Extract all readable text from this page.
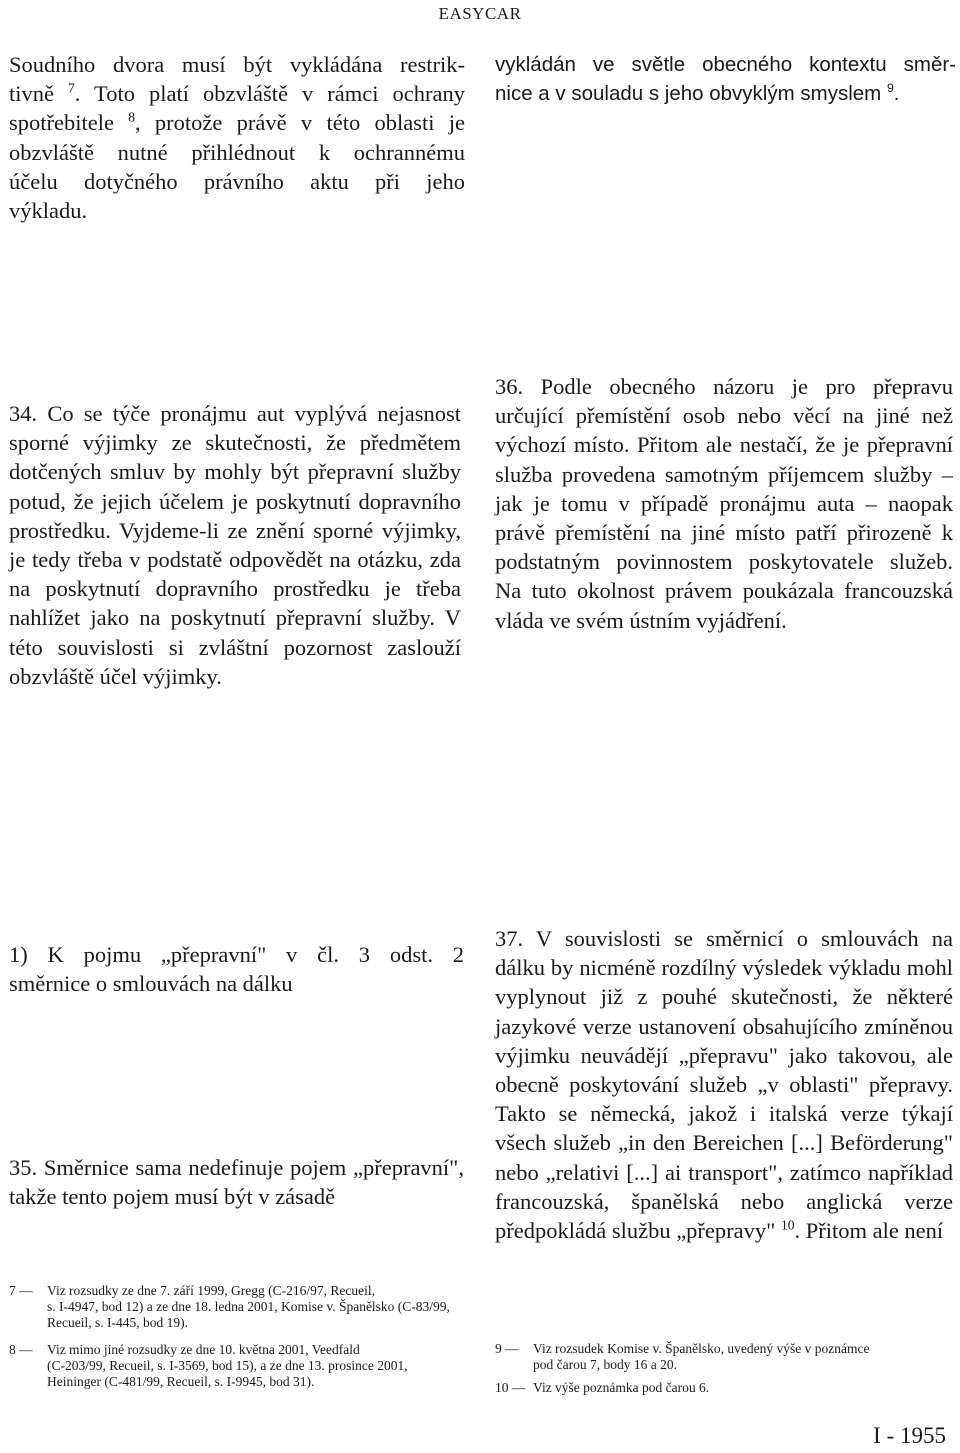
EASYCAR

Soudního dvora musí být vykládána restrik-

tivně $^7$. Toto platí obzvláště v rámci ochrany

spotřebitele $^8$, protože právě v této oblasti je

obzvláště nutné přihlédnout k ochrannému

účelu dotyčného právního aktu při jeho

výkladu.

vykládán ve světle obecného kontextu směr-

nice a v souladu s jeho obvyklým smyslem $^9$.

34. Co se týče pronájmu aut vyplývá nejasnost sporné výjimky ze skutečnosti, že předmětem dotčených smluv by mohly být přepravní služby potud, že jejich účelem je poskytnutí dopravního prostředku. Vyjdeme-li ze znění sporné výjimky, je tedy třeba v podstatě odpovědět na otázku, zda na poskytnutí dopravního prostředku je třeba nahlížet jako na poskytnutí přepravní služby. V této souvislosti si zvláštní pozornost zaslouží obzvláště účel výjimky.

36. Podle obecného názoru je pro přepravu určující přemístění osob nebo věcí na jiné než výchozí místo. Přitom ale nestačí, že je přepravní služba provedena samotným příjemcem služby – jak je tomu v případě pronájmu auta – naopak právě přemístění na jiné místo patří přirozeně k podstatným povinnostem poskytovatele služeb. Na tuto okolnost právem poukázala francouzská vláda ve svém ústním vyjádření.

1) K pojmu „přepravní" v čl. 3 odst. 2

směrnice o smlouvách na dálku

35. Směrnice sama nedefinuje pojem „přepravní", takže tento pojem musí být v zásadě

37. V souvislosti se směrnicí o smlouvách na dálku by nicméně rozdílný výsledek výkladu mohl vyplynout již z pouhé skutečnosti, že některé jazykové verze ustanovení obsahujícího zmíněnou výjimku neuvádějí „přepravu" jako takovou, ale obecně poskytování služeb „v oblasti" přepravy. Takto se německá, jakož i italská verze týkají všech služeb „in den Bereichen [...] Beförderung" nebo „relativi [...] ai transport", zatímco například francouzská, španělská nebo anglická verze předpokládá službu „přepravy" $^{10}$. Přitom ale není

7 — Viz rozsudky ze dne 7. září 1999, Gregg (C-216/97, Recueil,
s. I-4947, bod 12) a ze dne 18. ledna 2001, Komise v. Španělsko (C-83/99, Recueil, s. I-445, bod 19).
8 — Viz mimo jiné rozsudky ze dne 10. května 2001, Veedfald
(C-203/99, Recueil, s. I-3569, bod 15), a ze dne 13. prosince 2001, Heininger (C-481/99, Recueil, s. I-9945, bod 31).
9 — Viz rozsudek Komise v. Španělsko, uvedený výše v poznámce
pod čarou 7, body 16 a 20.
10 — Viz výše poznámka pod čarou 6.
I - 1955
